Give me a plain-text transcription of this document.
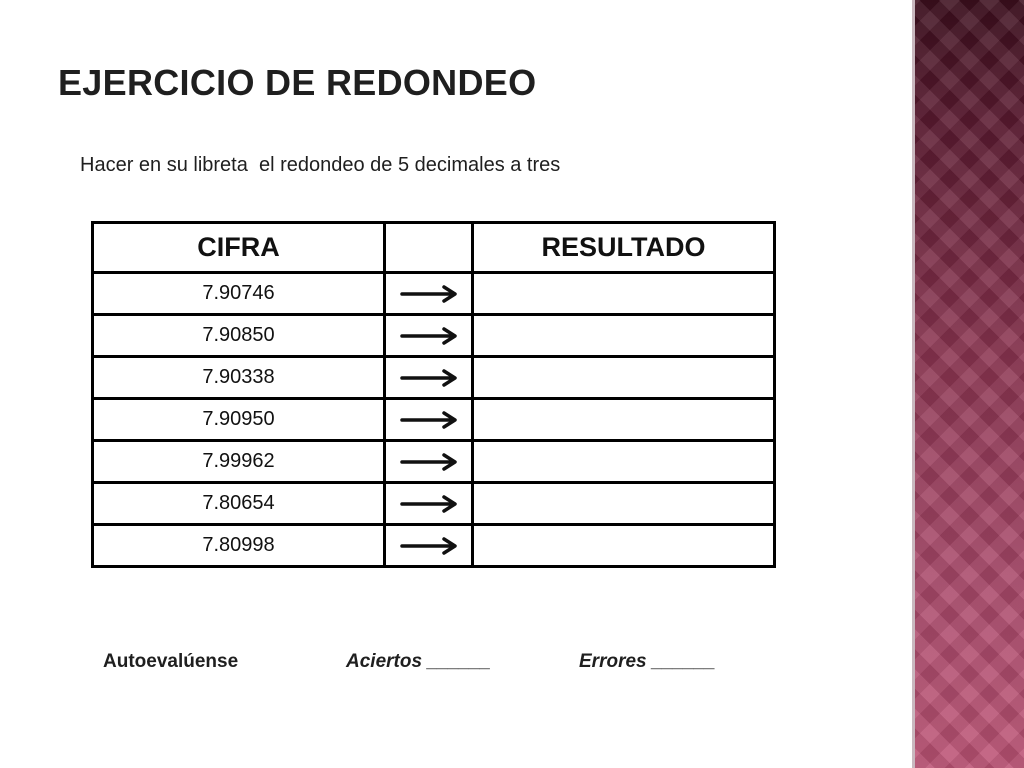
EJERCICIO DE REDONDEO

Hacer en su libreta  el redondeo de 5 decimales a tres

CIFRA		RESULTADO
7.90746	

7.90850	

7.90338	

7.90950	

7.99962	

7.80654	

7.80998	

Autoevalúense	Aciertos ______	Errores ______
